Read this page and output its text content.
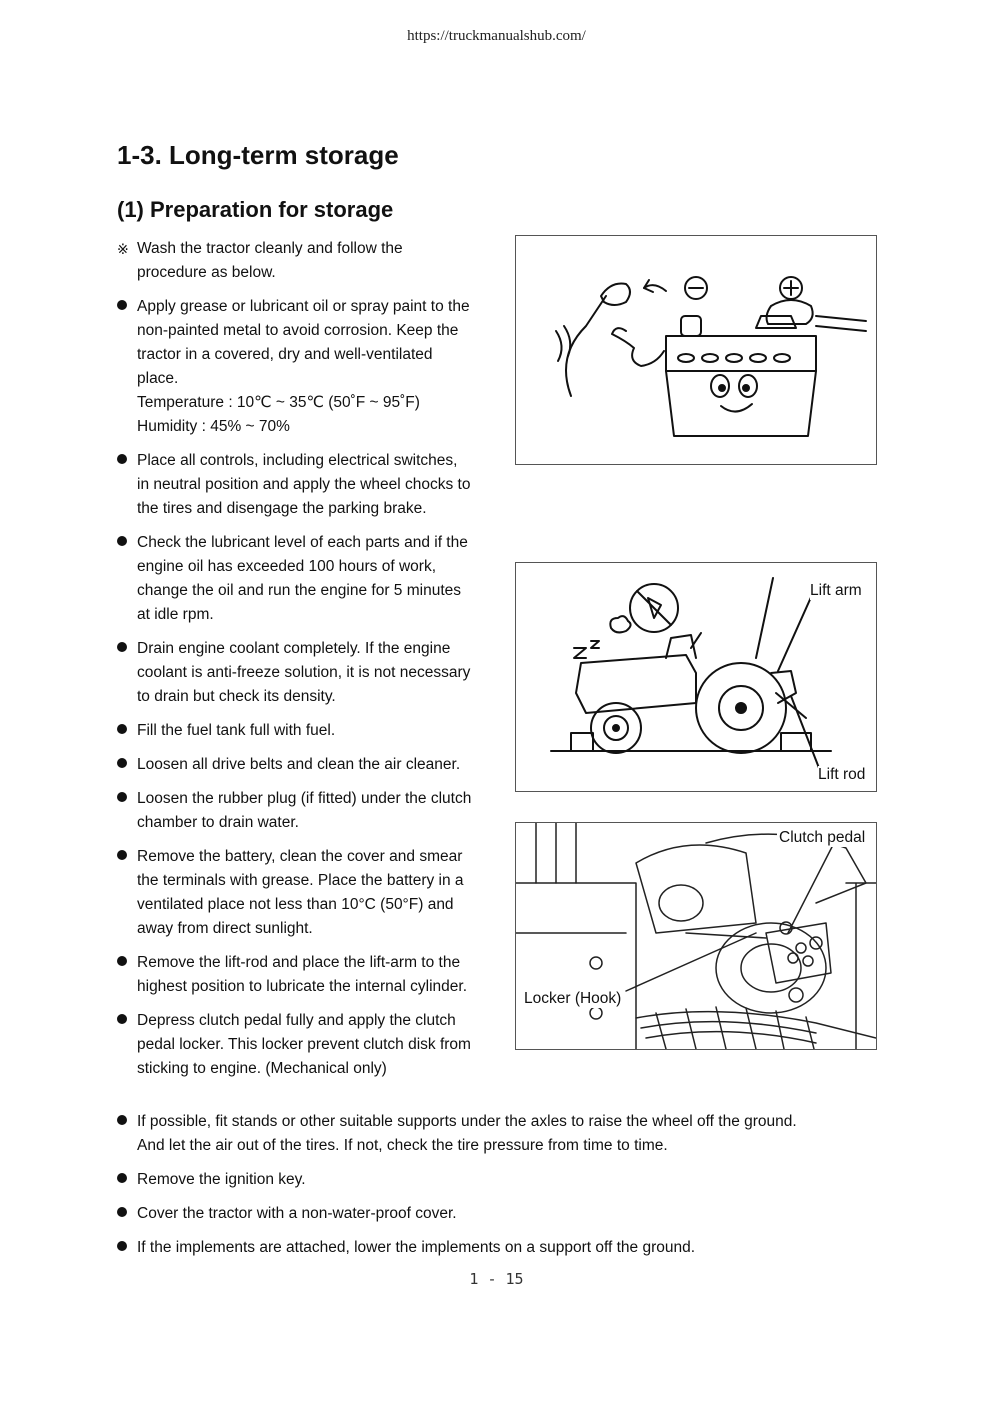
https://truckmanualshub.com/
1-3. Long-term storage
(1) Preparation for storage
※ Wash the tractor cleanly and follow the
procedure as below.
Apply grease or lubricant oil or spray paint to the
non-painted metal to avoid corrosion. Keep the
tractor in a covered, dry and well-ventilated
place.
Temperature : 10℃ ~ 35℃ (50˚F ~ 95˚F)
Humidity : 45% ~ 70%
Place all controls, including electrical switches,
in neutral position and apply the wheel chocks to
the tires and disengage the parking brake.
Check the lubricant level of each parts and if the
engine oil has exceeded 100 hours of work,
change the oil and run the engine for 5 minutes
at idle rpm.
Drain engine coolant completely. If the engine
coolant is anti-freeze solution, it is not necessary
to drain but check its density.
Fill the fuel tank full with fuel.
Loosen all drive belts and clean the air cleaner.
Loosen the rubber plug (if fitted) under the clutch
chamber to drain water.
Remove the battery, clean the cover and smear
the terminals with grease. Place the battery in a
ventilated place not less than 10°C (50°F) and
away from direct sunlight.
Remove the lift-rod and place the lift-arm to the
highest position to lubricate the internal cylinder.
Depress clutch pedal fully and apply the clutch
pedal locker. This locker prevent clutch disk from
sticking to engine. (Mechanical only)
If possible, fit stands or other suitable supports under the axles to raise the wheel off the ground.
And let the air out of the tires. If not, check the tire pressure from time to time.
Remove the ignition key.
Cover the tractor with a non-water-proof cover.
If the implements are attached, lower the implements on a support off the ground.
Lift arm
Lift rod
Clutch pedal
Locker (Hook)
1 - 15
